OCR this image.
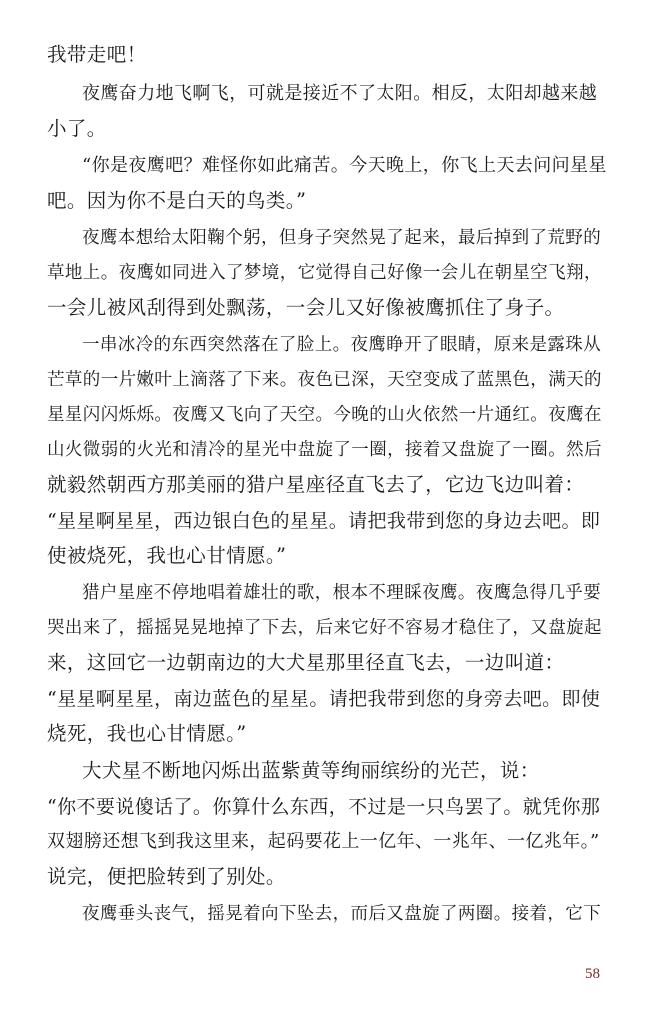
我带走吧！
夜鹰奋力地飞啊飞，可就是接近不了太阳。相反，太阳却越来越
小了。
“你是夜鹰吧？难怪你如此痛苦。今天晚上，你飞上天去问问星星
吧。因为你不是白天的鸟类。”
夜鹰本想给太阳鞠个躬，但身子突然晃了起来，最后掉到了荒野的
草地上。夜鹰如同进入了梦境，它觉得自己好像一会儿在朝星空飞翔，
一会儿被风刮得到处飘荡，一会儿又好像被鹰抓住了身子。
一串冰冷的东西突然落在了脸上。夜鹰睁开了眼睛，原来是露珠从
芒草的一片嫩叶上滴落了下来。夜色已深，天空变成了蓝黑色，满天的
星星闪闪烁烁。夜鹰又飞向了天空。今晚的山火依然一片通红。夜鹰在
山火微弱的火光和清冷的星光中盘旋了一圈，接着又盘旋了一圈。然后
就毅然朝西方那美丽的猎户星座径直飞去了，它边飞边叫着：
“星星啊星星，西边银白色的星星。请把我带到您的身边去吧。即
使被烧死，我也心甘情愿。”
猎户星座不停地唱着雄壮的歌，根本不理睬夜鹰。夜鹰急得几乎要
哭出来了，摇摇晃晃地掉了下去，后来它好不容易才稳住了，又盘旋起
来，这回它一边朝南边的大犬星那里径直飞去，一边叫道：
“星星啊星星，南边蓝色的星星。请把我带到您的身旁去吧。即使
烧死，我也心甘情愿。”
大犬星不断地闪烁出蓝紫黄等绚丽缤纷的光芒，说：
“你不要说傻话了。你算什么东西，不过是一只鸟罢了。就凭你那
双翅膀还想飞到我这里来，起码要花上一亿年、一兆年、一亿兆年。”
说完，便把脸转到了别处。
夜鹰垂头丧气，摇晃着向下坠去，而后又盘旋了两圈。接着，它下
58
